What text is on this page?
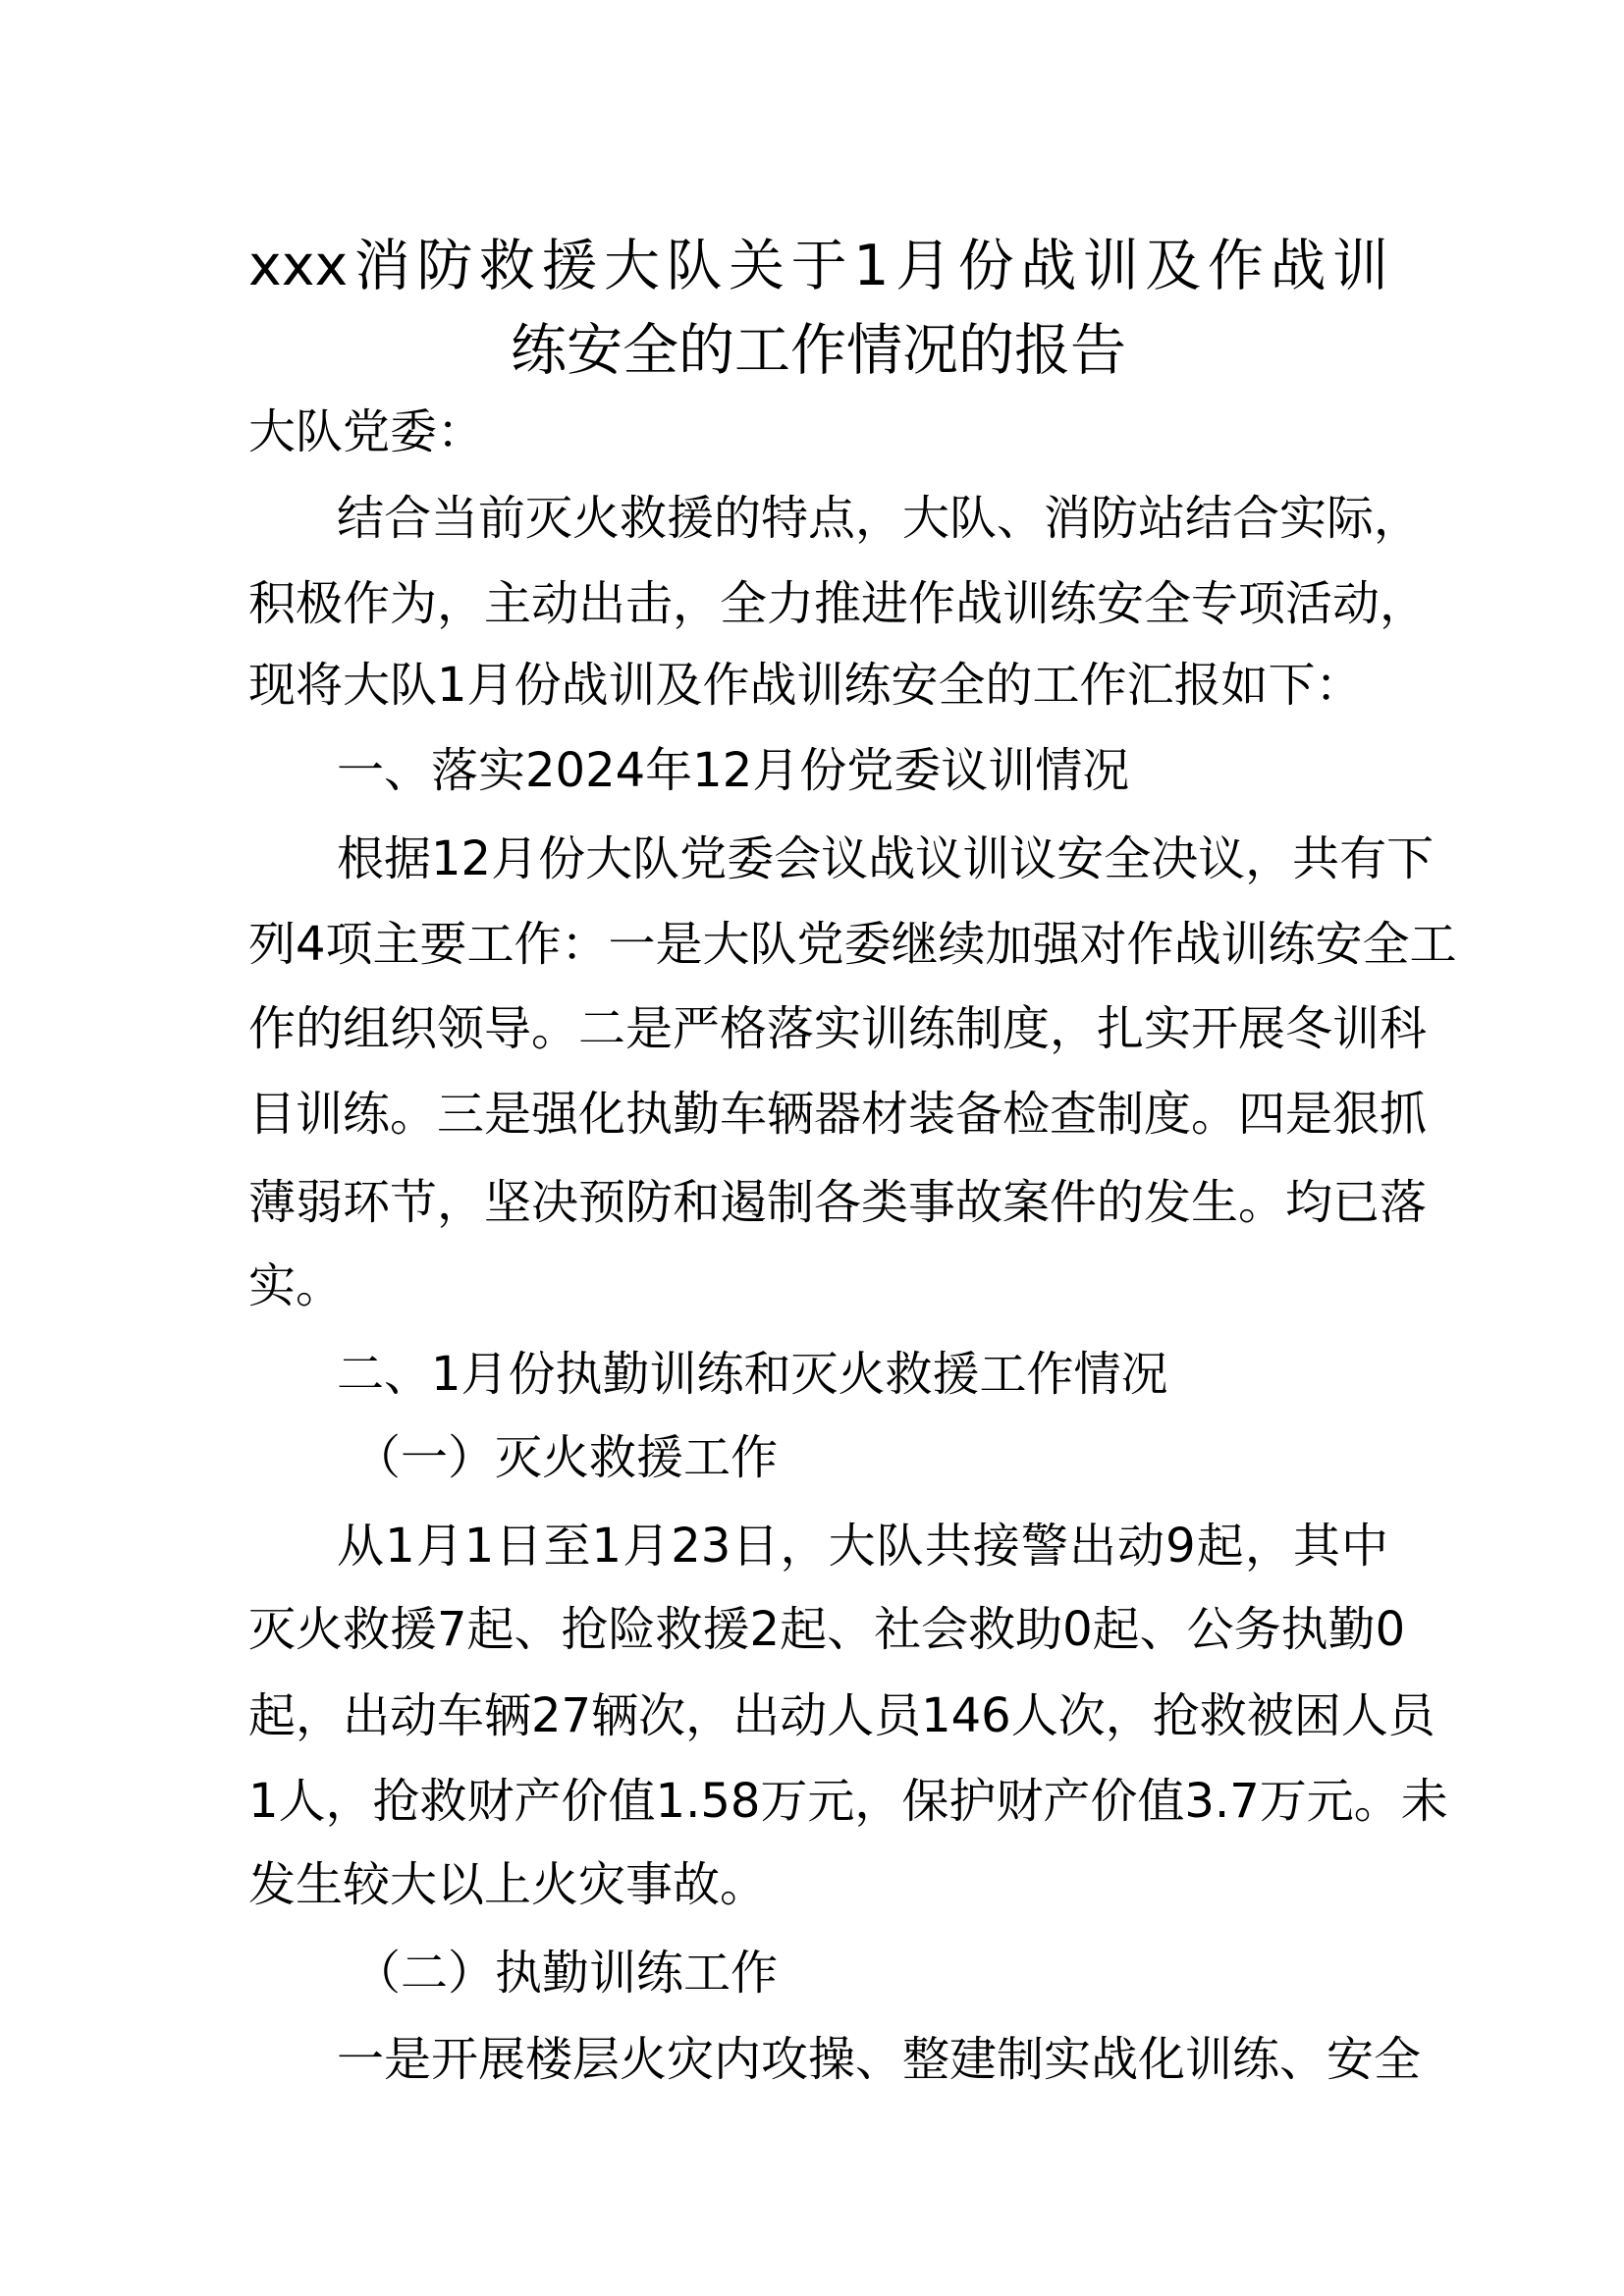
xxx消防救援大队关于1月份战训及作战训
练安全的工作情况的报告
大队党委：
结合当前灭火救援的特点，大队、消防站结合实际，
积极作为，主动出击，全力推进作战训练安全专项活动，
现将大队1月份战训及作战训练安全的工作汇报如下：
一、落实2024年12月份党委议训情况
根据12月份大队党委会议战议训议安全决议，共有下
列4项主要工作：一是大队党委继续加强对作战训练安全工
作的组织领导。二是严格落实训练制度，扎实开展冬训科
目训练。三是强化执勤车辆器材装备检查制度。四是狠抓
薄弱环节，坚决预防和遏制各类事故案件的发生。均已落
实。
二、1月份执勤训练和灭火救援工作情况
（一）灭火救援工作
从1月1日至1月23日，大队共接警出动9起，其中
灭火救援7起、抢险救援2起、社会救助0起、公务执勤0
起，出动车辆27辆次，出动人员146人次，抢救被困人员
1人，抢救财产价值1.58万元，保护财产价值3.7万元。未
发生较大以上火灾事故。
（二）执勤训练工作
一是开展楼层火灾内攻操、整建制实战化训练、安全
